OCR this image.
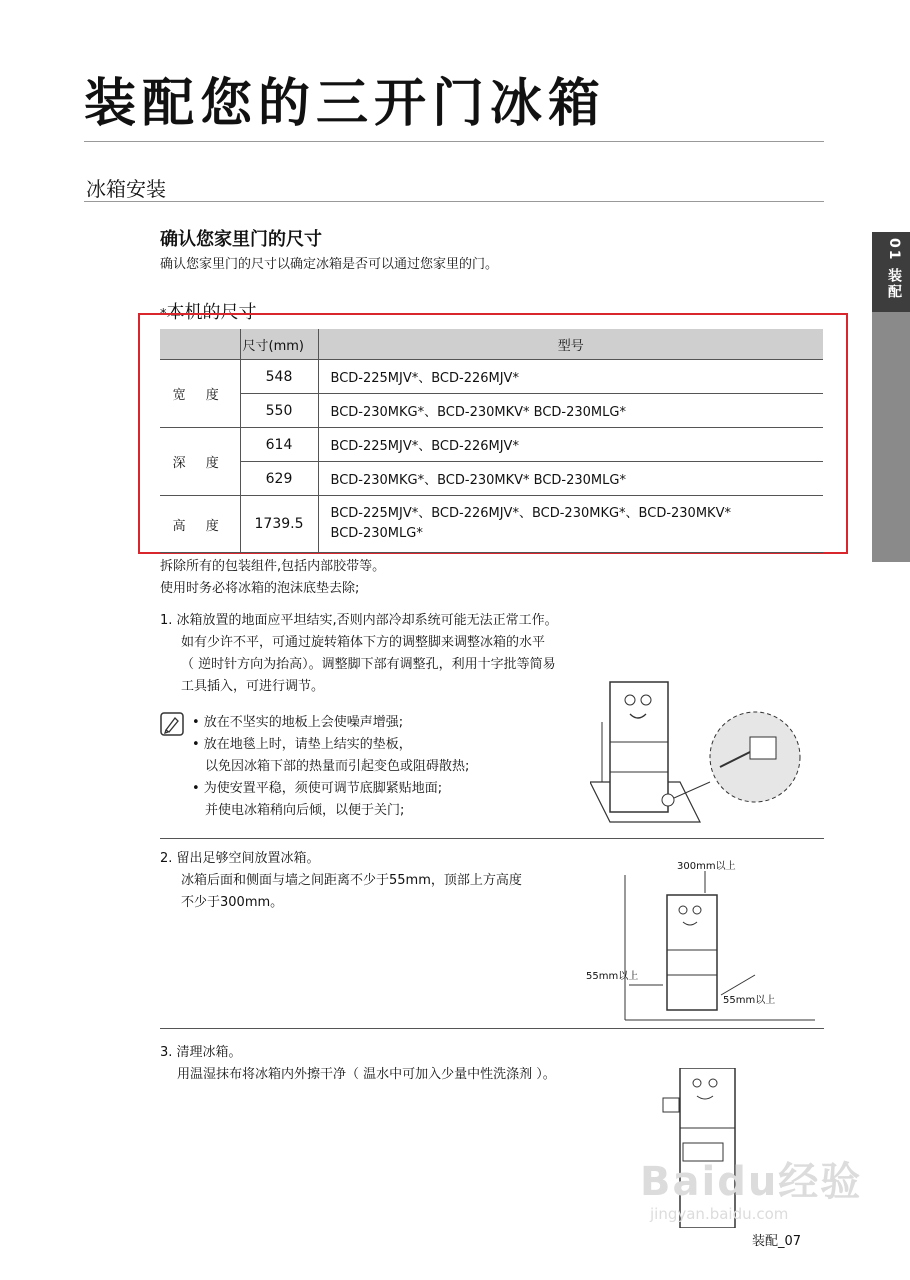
装配您的三开门冰箱
冰箱安装
01 装配
确认您家里门的尺寸
确认您家里门的尺寸以确定冰箱是否可以通过您家里的门。
*本机的尺寸
	尺寸(mm)	型号
宽 度	548	BCD-225MJV*、BCD-226MJV*
	550	BCD-230MKG*、BCD-230MKV* BCD-230MLG*
深 度	614	BCD-225MJV*、BCD-226MJV*
	629	BCD-230MKG*、BCD-230MKV* BCD-230MLG*
高 度	1739.5	BCD-225MJV*、BCD-226MJV*、BCD-230MKG*、BCD-230MKV*
BCD-230MLG*
拆除所有的包装组件,包括内部胶带等。
使用时务必将冰箱的泡沫底垫去除;
1. 冰箱放置的地面应平坦结实,否则内部冷却系统可能无法正常工作。
如有少许不平，可通过旋转箱体下方的调整脚来调整冰箱的水平
（ 逆时针方向为抬高）。调整脚下部有调整孔，利用十字批等简易
工具插入，可进行调节。
• 放在不坚实的地板上会使噪声增强;
• 放在地毯上时，请垫上结实的垫板，
以免因冰箱下部的热量而引起变色或阻碍散热;
• 为使安置平稳，须使可调节底脚紧贴地面;
并使电冰箱稍向后倾，以便于关门;
2. 留出足够空间放置冰箱。
冰箱后面和侧面与墙之间距离不少于55mm，顶部上方高度
不少于300mm。
300mm以上
55mm以上
55mm以上
3. 清理冰箱。
用温湿抹布将冰箱内外擦干净（ 温水中可加入少量中性洗涤剂 ）。
Baidu经验
jingyan.baidu.com
装配_07
